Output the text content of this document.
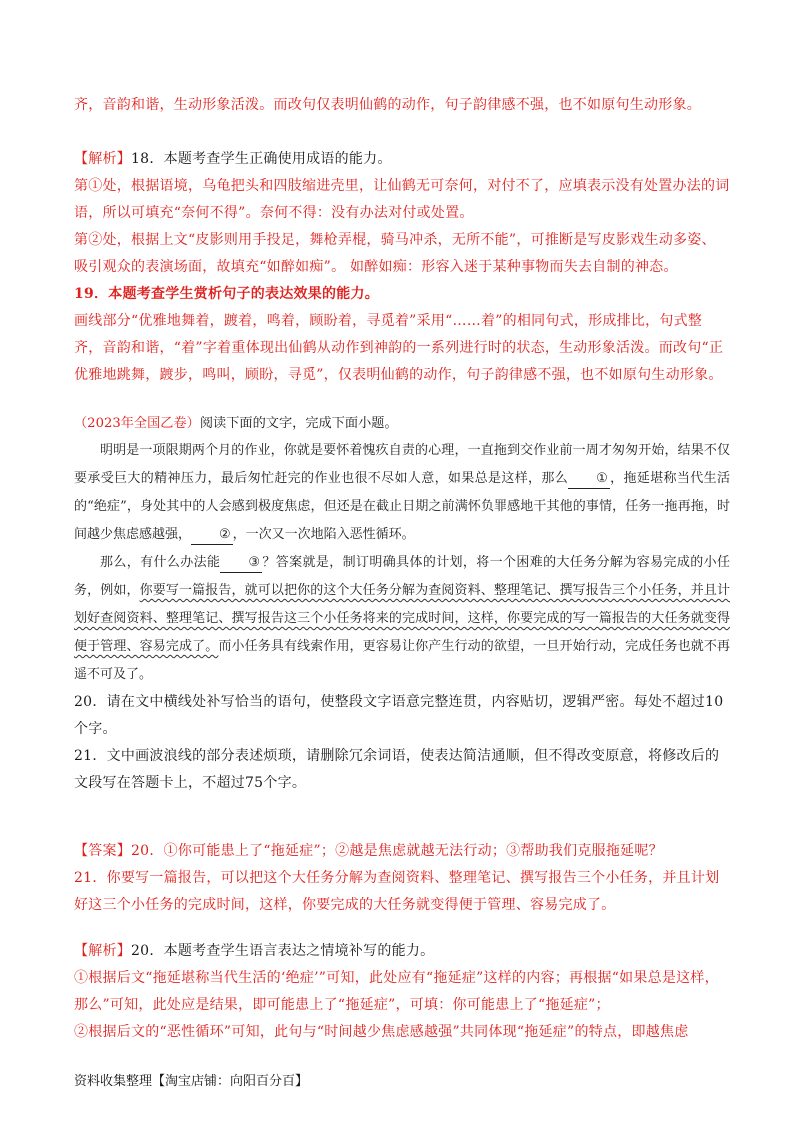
齐，音韵和谐，生动形象活泼。而改句仅表明仙鹤的动作，句子韵律感不强，也不如原句生动形象。

【解析】18．本题考查学生正确使用成语的能力。
第①处，根据语境，乌龟把头和四肢缩进壳里，让仙鹤无可奈何，对付不了，应填表示没有处置办法的词语，所以可填充“奈何不得”。奈何不得：没有办法对付或处置。
第②处，根据上文“皮影则用手投足，舞枪弄棍，骑马冲杀，无所不能”，可推断是写皮影戏生动多姿、吸引观众的表演场面，故填充“如醉如痴”。 如醉如痴：形容入迷于某种事物而失去自制的神态。
19．本题考查学生赏析句子的表达效果的能力。
画线部分“优雅地舞着，踱着，鸣着，顾盼着，寻觅着”采用“……着”的相同句式，形成排比，句式整齐，音韵和谐，“着”字着重体现出仙鹤从动作到神韵的一系列进行时的状态，生动形象活泼。而改句“正优雅地跳舞，踱步，鸣叫，顾盼，寻觅”，仅表明仙鹤的动作，句子韵律感不强，也不如原句生动形象。
（2023年全国乙卷）阅读下面的文字，完成下面小题。

明明是一项限期两个月的作业，你就是要怀着愧疚自责的心理，一直拖到交作业前一周才匆匆开始，结果不仅要承受巨大的精神压力，最后匆忙赶完的作业也很不尽如人意，如果总是这样，那么 ① ，拖延堪称当代生活的“绝症”，身处其中的人会感到极度焦虑，但还是在截止日期之前满怀负罪感地干其他的事情，任务一拖再拖，时间越少焦虑感越强， ② ，一次又一次地陷入恶性循环。

那么，有什么办法能 ③ ？答案就是，制订明确具体的计划，将一个困难的大任务分解为容易完成的小任务，例如，你要写一篇报告，就可以把你的这个大任务分解为查阅资料、整理笔记、撰写报告三个小任务，并且计划好查阅资料、整理笔记、撰写报告这三个小任务将来的完成时间，这样，你要完成的写一篇报告的大任务就变得便于管理、容易完成了。而小任务具有线索作用，更容易让你产生行动的欲望，一旦开始行动，完成任务也就不再遥不可及了。

20．请在文中横线处补写恰当的语句，使整段文字语意完整连贯，内容贴切，逻辑严密。每处不超过10个字。
21．文中画波浪线的部分表述烦琐，请删除冗余词语，使表达简洁通顺，但不得改变原意，将修改后的文段写在答题卡上，不超过75个字。
【答案】20．①你可能患上了“拖延症”；②越是焦虑就越无法行动；③帮助我们克服拖延呢？21．你要写一篇报告，可以把这个大任务分解为查阅资料、整理笔记、撰写报告三个小任务，并且计划好这三个小任务的完成时间，这样，你要完成的大任务就变得便于管理、容易完成了。
【解析】20．本题考查学生语言表达之情境补写的能力。
①根据后文“拖延堪称当代生活的‘绝症’”可知，此处应有“拖延症”这样的内容；再根据“如果总是这样，那么”可知，此处应是结果，即可能患上了“拖延症”，可填：你可能患上了“拖延症”；
②根据后文的“恶性循环”可知，此句与“时间越少焦虑感越强”共同体现“拖延症”的特点，即越焦虑
资料收集整理【淘宝店铺：向阳百分百】
